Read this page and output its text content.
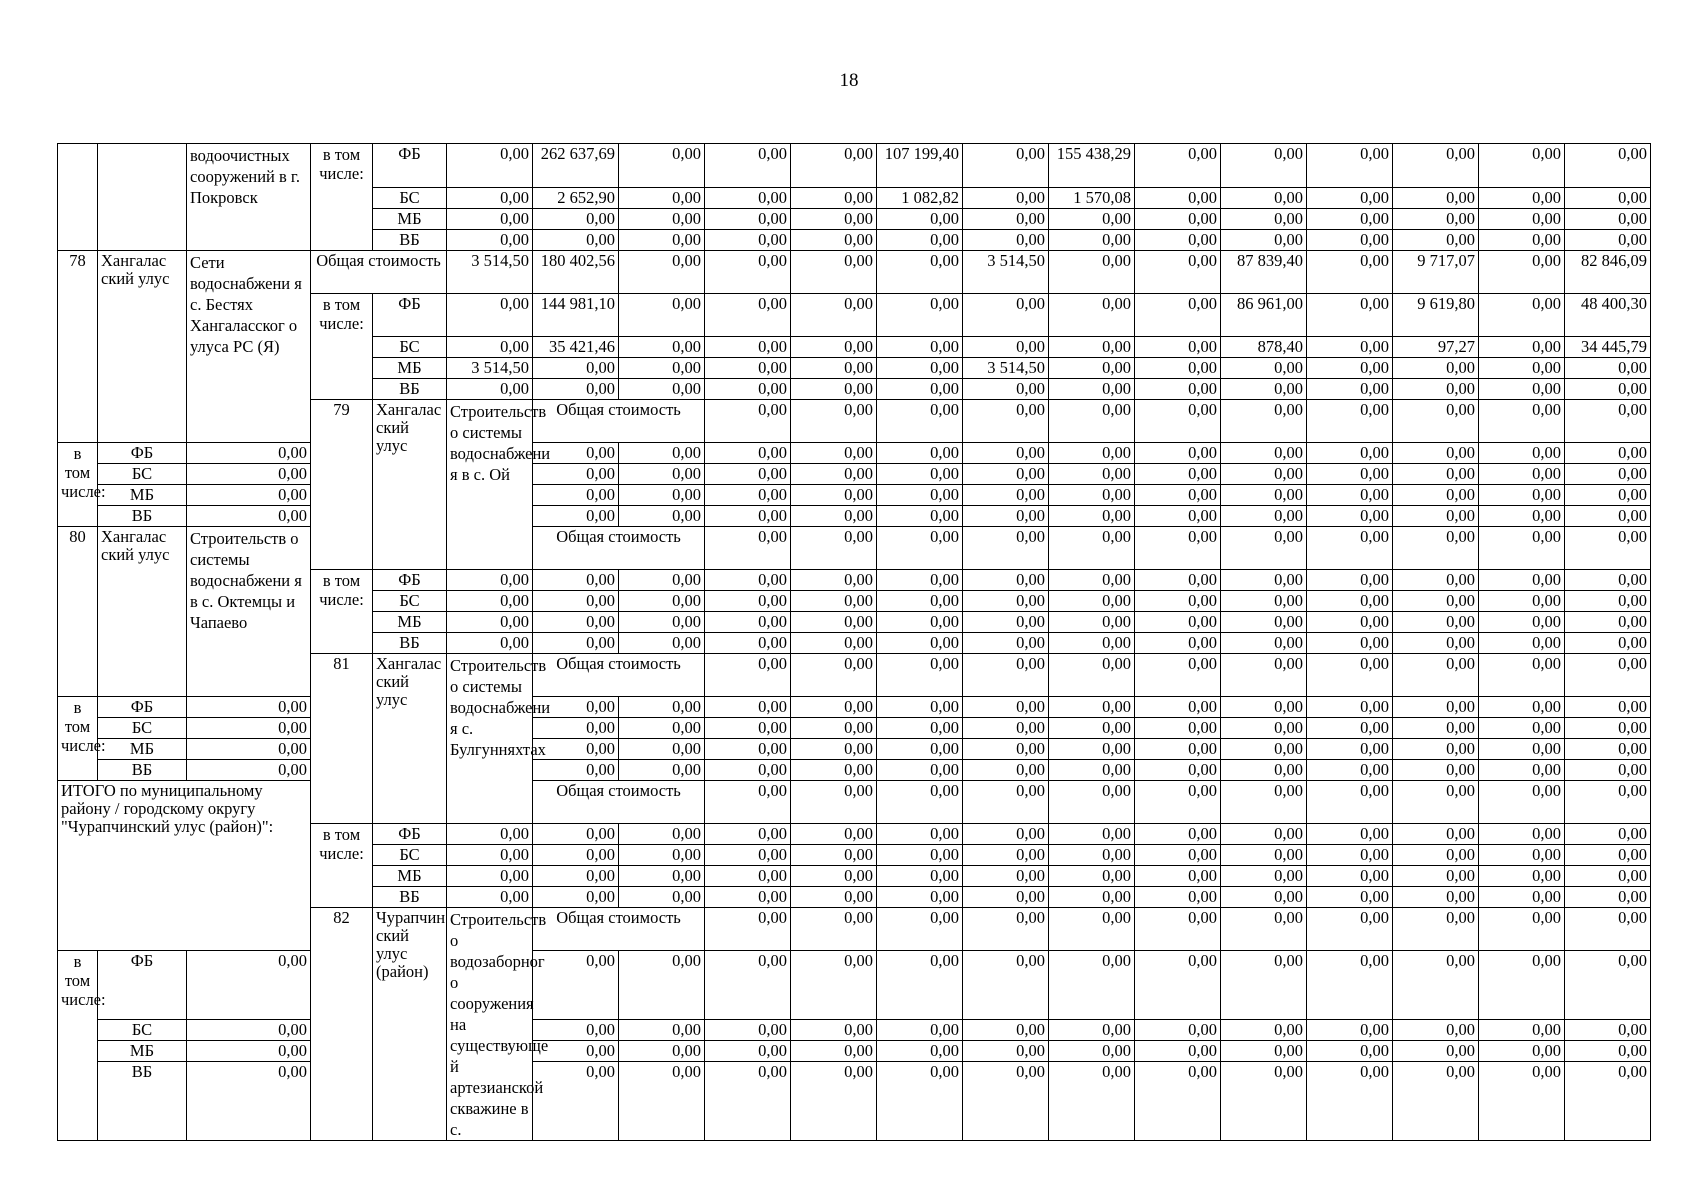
18
		водоочистных сооружений в г. Покровск	в том числе:	ФБ	0,00	262 637,69	0,00	0,00	0,00	107 199,40	0,00	155 438,29	0,00	0,00	0,00	0,00	0,00	0,00	
				БС	0,00	2 652,90	0,00	0,00	0,00	1 082,82	0,00	1 570,08	0,00	0,00	0,00	0,00	0,00	0,00	
				МБ	0,00	0,00	0,00	0,00	0,00	0,00	0,00	0,00	0,00	0,00	0,00	0,00	0,00	0,00	
				ВБ	0,00	0,00	0,00	0,00	0,00	0,00	0,00	0,00	0,00	0,00	0,00	0,00	0,00	0,00	
78	Хангалас ский улус	Сети водоснабжени я с. Бестях Хангаласског о улуса РС (Я)	Общая стоимость		3 514,50	180 402,56	0,00	0,00	0,00	0,00	3 514,50	0,00	0,00	87 839,40	0,00	9 717,07	0,00	82 846,09	
			в том числе:	ФБ	0,00	144 981,10	0,00	0,00	0,00	0,00	0,00	0,00	0,00	86 961,00	0,00	9 619,80	0,00	48 400,30	
				БС	0,00	35 421,46	0,00	0,00	0,00	0,00	0,00	0,00	0,00	878,40	0,00	97,27	0,00	34 445,79	
				МБ	3 514,50	0,00	0,00	0,00	0,00	0,00	3 514,50	0,00	0,00	0,00	0,00	0,00	0,00	0,00	
				ВБ	0,00	0,00	0,00	0,00	0,00	0,00	0,00	0,00	0,00	0,00	0,00	0,00	0,00	0,00	
			79	Хангалас ский улус	Строительств о системы водоснабжени я в с. Ой	Общая стоимость		0,00	0,00	0,00	0,00	0,00	0,00	0,00	0,00	0,00	0,00	0,00			
в том числе:	ФБ	0,00				0,00	0,00	0,00	0,00	0,00	0,00	0,00	0,00	0,00	0,00	0,00	0,00	0,00	
	БС	0,00				0,00	0,00	0,00	0,00	0,00	0,00	0,00	0,00	0,00	0,00	0,00	0,00	0,00	
	МБ	0,00				0,00	0,00	0,00	0,00	0,00	0,00	0,00	0,00	0,00	0,00	0,00	0,00	0,00	
	ВБ	0,00				0,00	0,00	0,00	0,00	0,00	0,00	0,00	0,00	0,00	0,00	0,00	0,00	0,00	
80	Хангалас ский улус	Строительств о системы водоснабжени я в с. Октемцы и Чапаево				Общая стоимость		0,00	0,00	0,00	0,00	0,00	0,00	0,00	0,00	0,00	0,00	0,00			
			в том числе:	ФБ	0,00	0,00	0,00	0,00	0,00	0,00	0,00	0,00	0,00	0,00	0,00	0,00	0,00	0,00	
				БС	0,00	0,00	0,00	0,00	0,00	0,00	0,00	0,00	0,00	0,00	0,00	0,00	0,00	0,00	
				МБ	0,00	0,00	0,00	0,00	0,00	0,00	0,00	0,00	0,00	0,00	0,00	0,00	0,00	0,00	
				ВБ	0,00	0,00	0,00	0,00	0,00	0,00	0,00	0,00	0,00	0,00	0,00	0,00	0,00	0,00	
			81	Хангалас ский улус	Строительств о системы водоснабжени я с. Булгунняхтах	Общая стоимость		0,00	0,00	0,00	0,00	0,00	0,00	0,00	0,00	0,00	0,00	0,00			
в том числе:	ФБ	0,00				0,00	0,00	0,00	0,00	0,00	0,00	0,00	0,00	0,00	0,00	0,00	0,00	0,00	
	БС	0,00				0,00	0,00	0,00	0,00	0,00	0,00	0,00	0,00	0,00	0,00	0,00	0,00	0,00	
	МБ	0,00				0,00	0,00	0,00	0,00	0,00	0,00	0,00	0,00	0,00	0,00	0,00	0,00	0,00	
	ВБ	0,00				0,00	0,00	0,00	0,00	0,00	0,00	0,00	0,00	0,00	0,00	0,00	0,00	0,00	
ИТОГО по муниципальному району / городскому округу "Чурапчинский улус (район)":						Общая стоимость		0,00	0,00	0,00	0,00	0,00	0,00	0,00	0,00	0,00	0,00	0,00			
			в том числе:	ФБ	0,00	0,00	0,00	0,00	0,00	0,00	0,00	0,00	0,00	0,00	0,00	0,00	0,00	0,00	
				БС	0,00	0,00	0,00	0,00	0,00	0,00	0,00	0,00	0,00	0,00	0,00	0,00	0,00	0,00	
				МБ	0,00	0,00	0,00	0,00	0,00	0,00	0,00	0,00	0,00	0,00	0,00	0,00	0,00	0,00	
				ВБ	0,00	0,00	0,00	0,00	0,00	0,00	0,00	0,00	0,00	0,00	0,00	0,00	0,00	0,00	
			82	Чурапчин ский улус (район)	Строительств о водозаборног о сооружения на существующе й артезианской скважине в с.	Общая стоимость		0,00	0,00	0,00	0,00	0,00	0,00	0,00	0,00	0,00	0,00	0,00			
в том числе:	ФБ	0,00				0,00	0,00	0,00	0,00	0,00	0,00	0,00	0,00	0,00	0,00	0,00	0,00	0,00	
	БС	0,00				0,00	0,00	0,00	0,00	0,00	0,00	0,00	0,00	0,00	0,00	0,00	0,00	0,00	
	МБ	0,00				0,00	0,00	0,00	0,00	0,00	0,00	0,00	0,00	0,00	0,00	0,00	0,00	0,00	
	ВБ	0,00				0,00	0,00	0,00	0,00	0,00	0,00	0,00	0,00	0,00	0,00	0,00	0,00	0,00	
